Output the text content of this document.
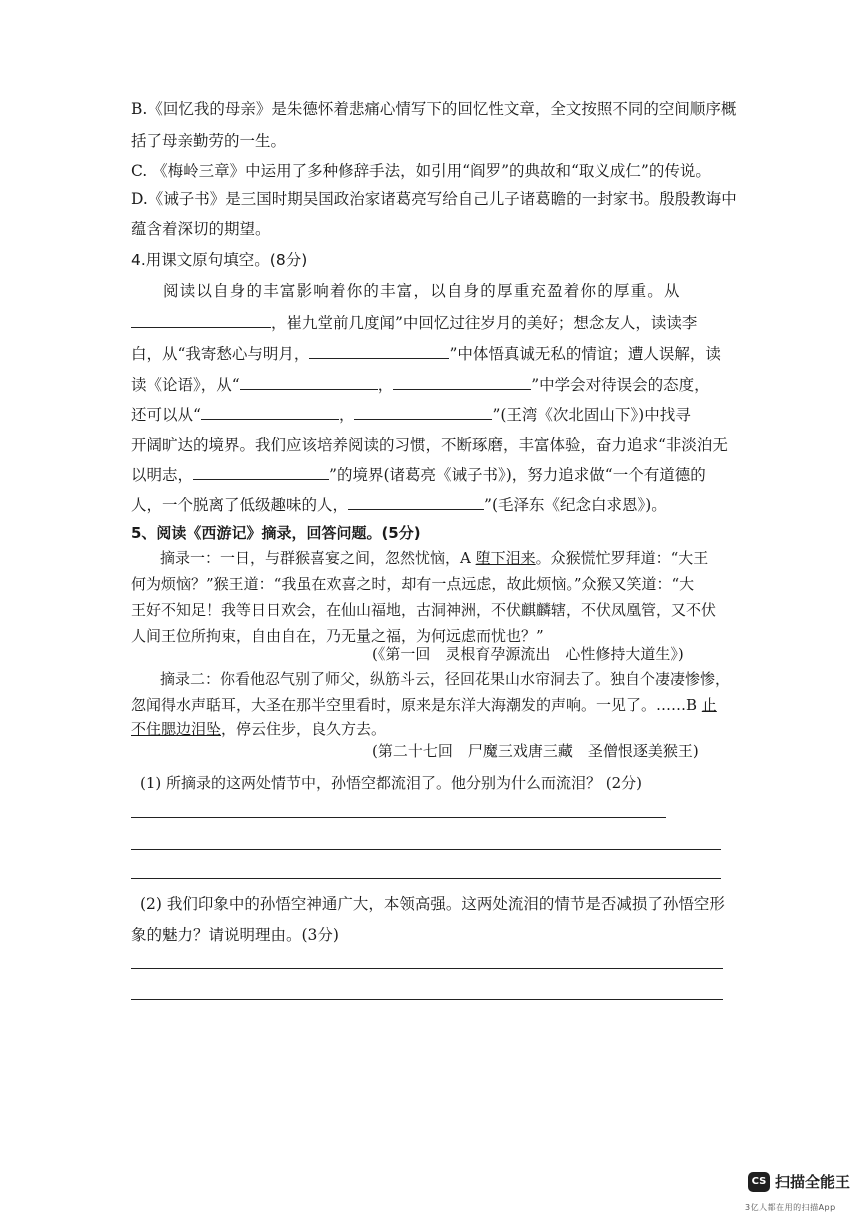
B.《回忆我的母亲》是朱德怀着悲痛心情写下的回忆性文章，全文按照不同的空间顺序概
括了母亲勤劳的一生。
C. 《梅岭三章》中运用了多种修辞手法，如引用“阎罗”的典故和“取义成仁”的传说。
D.《诫子书》是三国时期吴国政治家诸葛亮写给自己儿子诸葛瞻的一封家书。殷殷教诲中
蕴含着深切的期望。
4.用课文原句填空。(8分)
阅读以自身的丰富影响着你的丰富，以自身的厚重充盈着你的厚重。从
，崔九堂前几度闻”中回忆过往岁月的美好；想念友人，读读李
白，从“我寄愁心与明月，	”中体悟真诚无私的情谊；遭人误解，读
读《论语》，从“	，	”中学会对待误会的态度，
还可以从“	，	”(王湾《次北固山下》)中找寻
开阔旷达的境界。我们应该培养阅读的习惯，不断琢磨，丰富体验，奋力追求“非淡泊无
以明志，	”的境界(诸葛亮《诫子书》)，努力追求做“一个有道德的
人，一个脱离了低级趣味的人，	”(毛泽东《纪念白求恩》)。
5、阅读《西游记》摘录，回答问题。(5分)
摘录一：一日，与群猴喜宴之间，忽然忧恼，A 堕下泪来。众猴慌忙罗拜道：“大王
何为烦恼？”猴王道：“我虽在欢喜之时，却有一点远虑，故此烦恼。”众猴又笑道：“大
王好不知足！我等日日欢会，在仙山福地，古洞神洲，不伏麒麟辖，不伏凤凰管，又不伏
人间王位所拘束，自由自在，乃无量之福，为何远虑而忧也？”
(《第一回　灵根育孕源流出　心性修持大道生》)
摘录二：你看他忍气别了师父，纵筋斗云，径回花果山水帘洞去了。独自个凄凄惨惨，
忽闻得水声聒耳，大圣在那半空里看时，原来是东洋大海潮发的声响。一见了。……B 止
不住腮边泪坠，停云住步，良久方去。
(第二十七回　尸魔三戏唐三藏　圣僧恨逐美猴王)
(1) 所摘录的这两处情节中，孙悟空都流泪了。他分别为什么而流泪？ (2分)
(2) 我们印象中的孙悟空神通广大，本领高强。这两处流泪的情节是否减损了孙悟空形
象的魅力？请说明理由。(3分)
CS 扫描全能王
3亿人都在用的扫描App
